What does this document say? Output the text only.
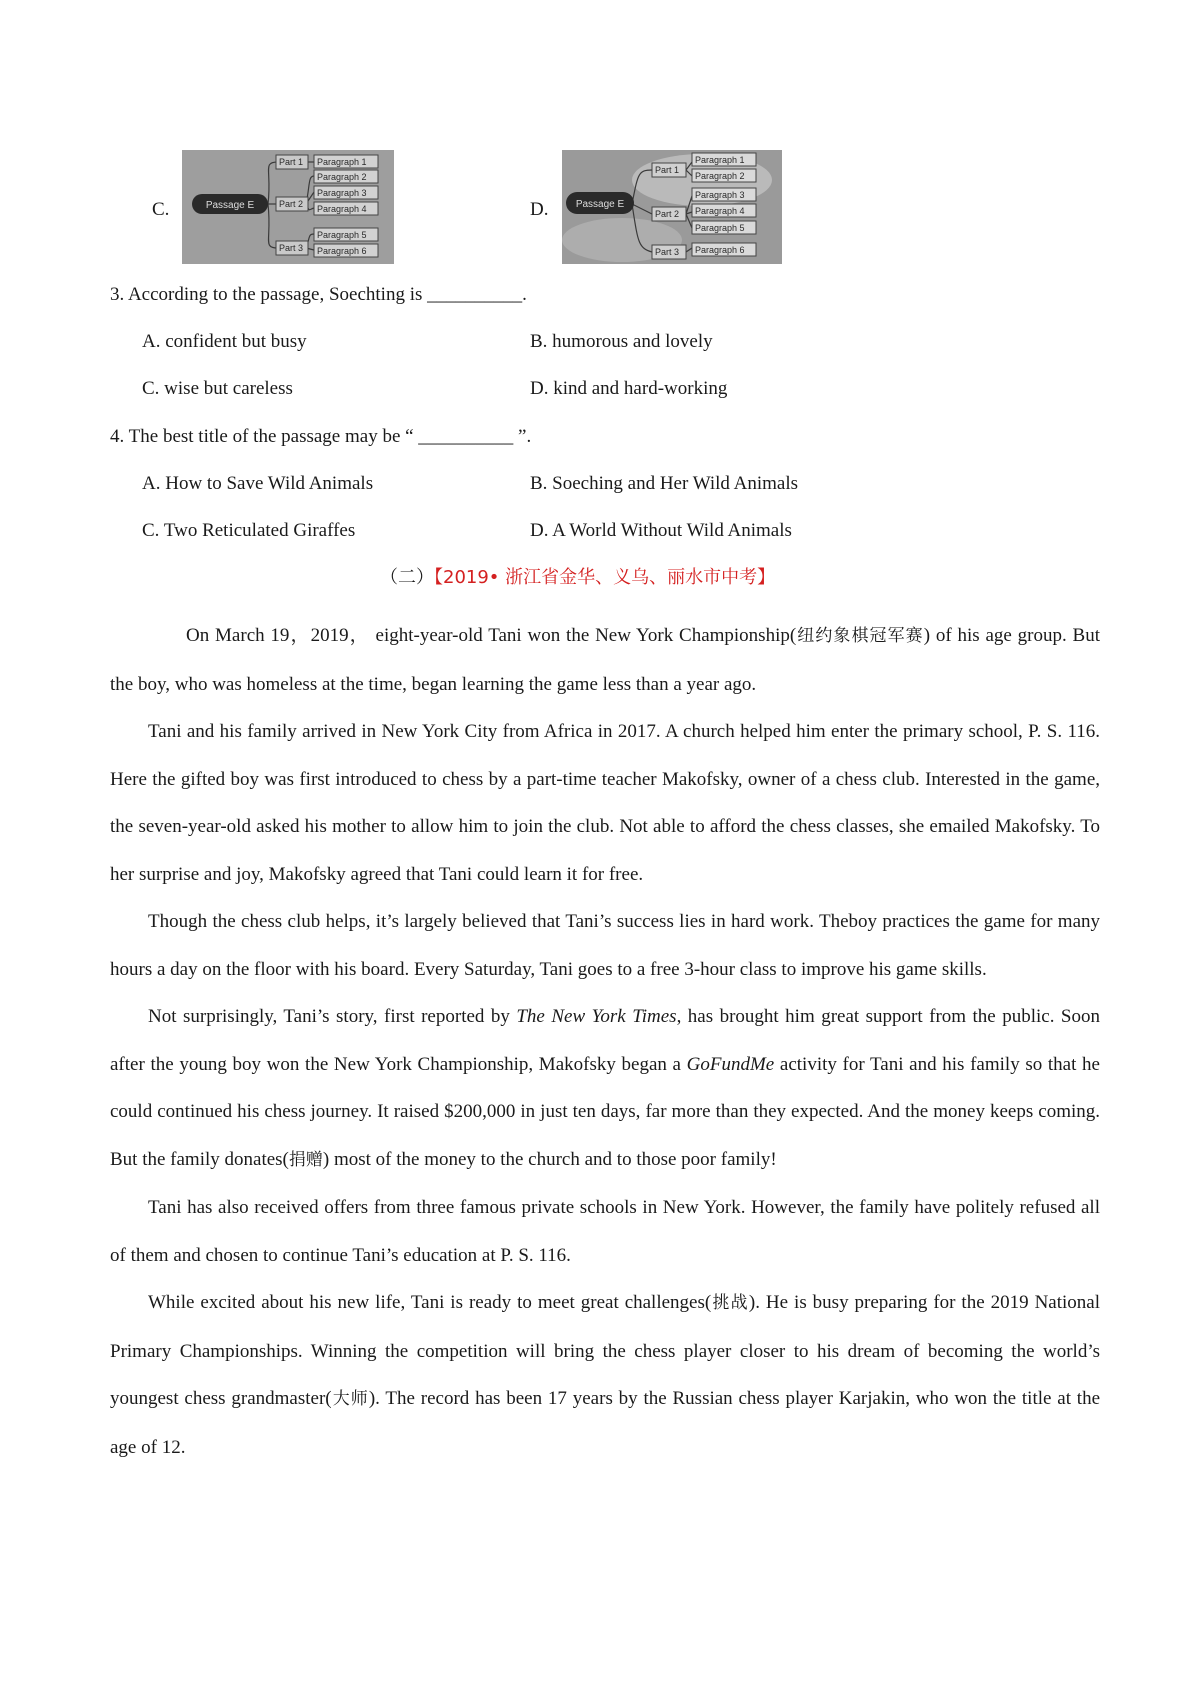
C.	Passage E
Part 1
Part 2
Part 3
Paragraph 1
Paragraph 2
Paragraph 3
Paragraph 4
Paragraph 5
Paragraph 6
D.	Passage E
Part 1
Part 2
Part 3
Paragraph 1
Paragraph 2
Paragraph 3
Paragraph 4
Paragraph 5
Paragraph 6
3. According to the passage, Soechting is __________.
A. confident but busy	B. humorous and lovely
C. wise but careless	D. kind and hard-working
4. The best title of the passage may be “ __________ ”.
A. How to Save Wild Animals	B. Soeching and Her Wild Animals
C. Two Reticulated Giraffes	D. A World Without Wild Animals
（二）【2019• 浙江省金华、义乌、丽水市中考】

On March 19，2019， eight-year-old Tani won the New York Championship(纽约象棋冠军赛) of his age group. But the boy, who was homeless at the time, began learning the game less than a year ago.

Tani and his family arrived in New York City from Africa in 2017. A church helped him enter the primary school, P. S. 116. Here the gifted boy was first introduced to chess by a part-time teacher Makofsky, owner of a chess club. Interested in the game, the seven-year-old asked his mother to allow him to join the club. Not able to afford the chess classes, she emailed Makofsky. To her surprise and joy, Makofsky agreed that Tani could learn it for free.

Though the chess club helps, it’s largely believed that Tani’s success lies in hard work. Theboy practices the game for many hours a day on the floor with his board. Every Saturday, Tani goes to a free 3-hour class to improve his game skills.

Not surprisingly, Tani’s story, first reported by The New York Times, has brought him great support from the public. Soon after the young boy won the New York Championship, Makofsky began a GoFundMe activity for Tani and his family so that he could continued his chess journey. It raised $200,000 in just ten days, far more than they expected. And the money keeps coming. But the family donates(捐赠) most of the money to the church and to those poor family!

Tani has also received offers from three famous private schools in New York. However, the family have politely refused all of them and chosen to continue Tani’s education at P. S. 116.

While excited about his new life, Tani is ready to meet great challenges(挑战). He is busy preparing for the 2019 National Primary Championships. Winning the competition will bring the chess player closer to his dream of becoming the world’s youngest chess grandmaster(大师). The record has been 17 years by the Russian chess player Karjakin, who won the title at the age of 12.
